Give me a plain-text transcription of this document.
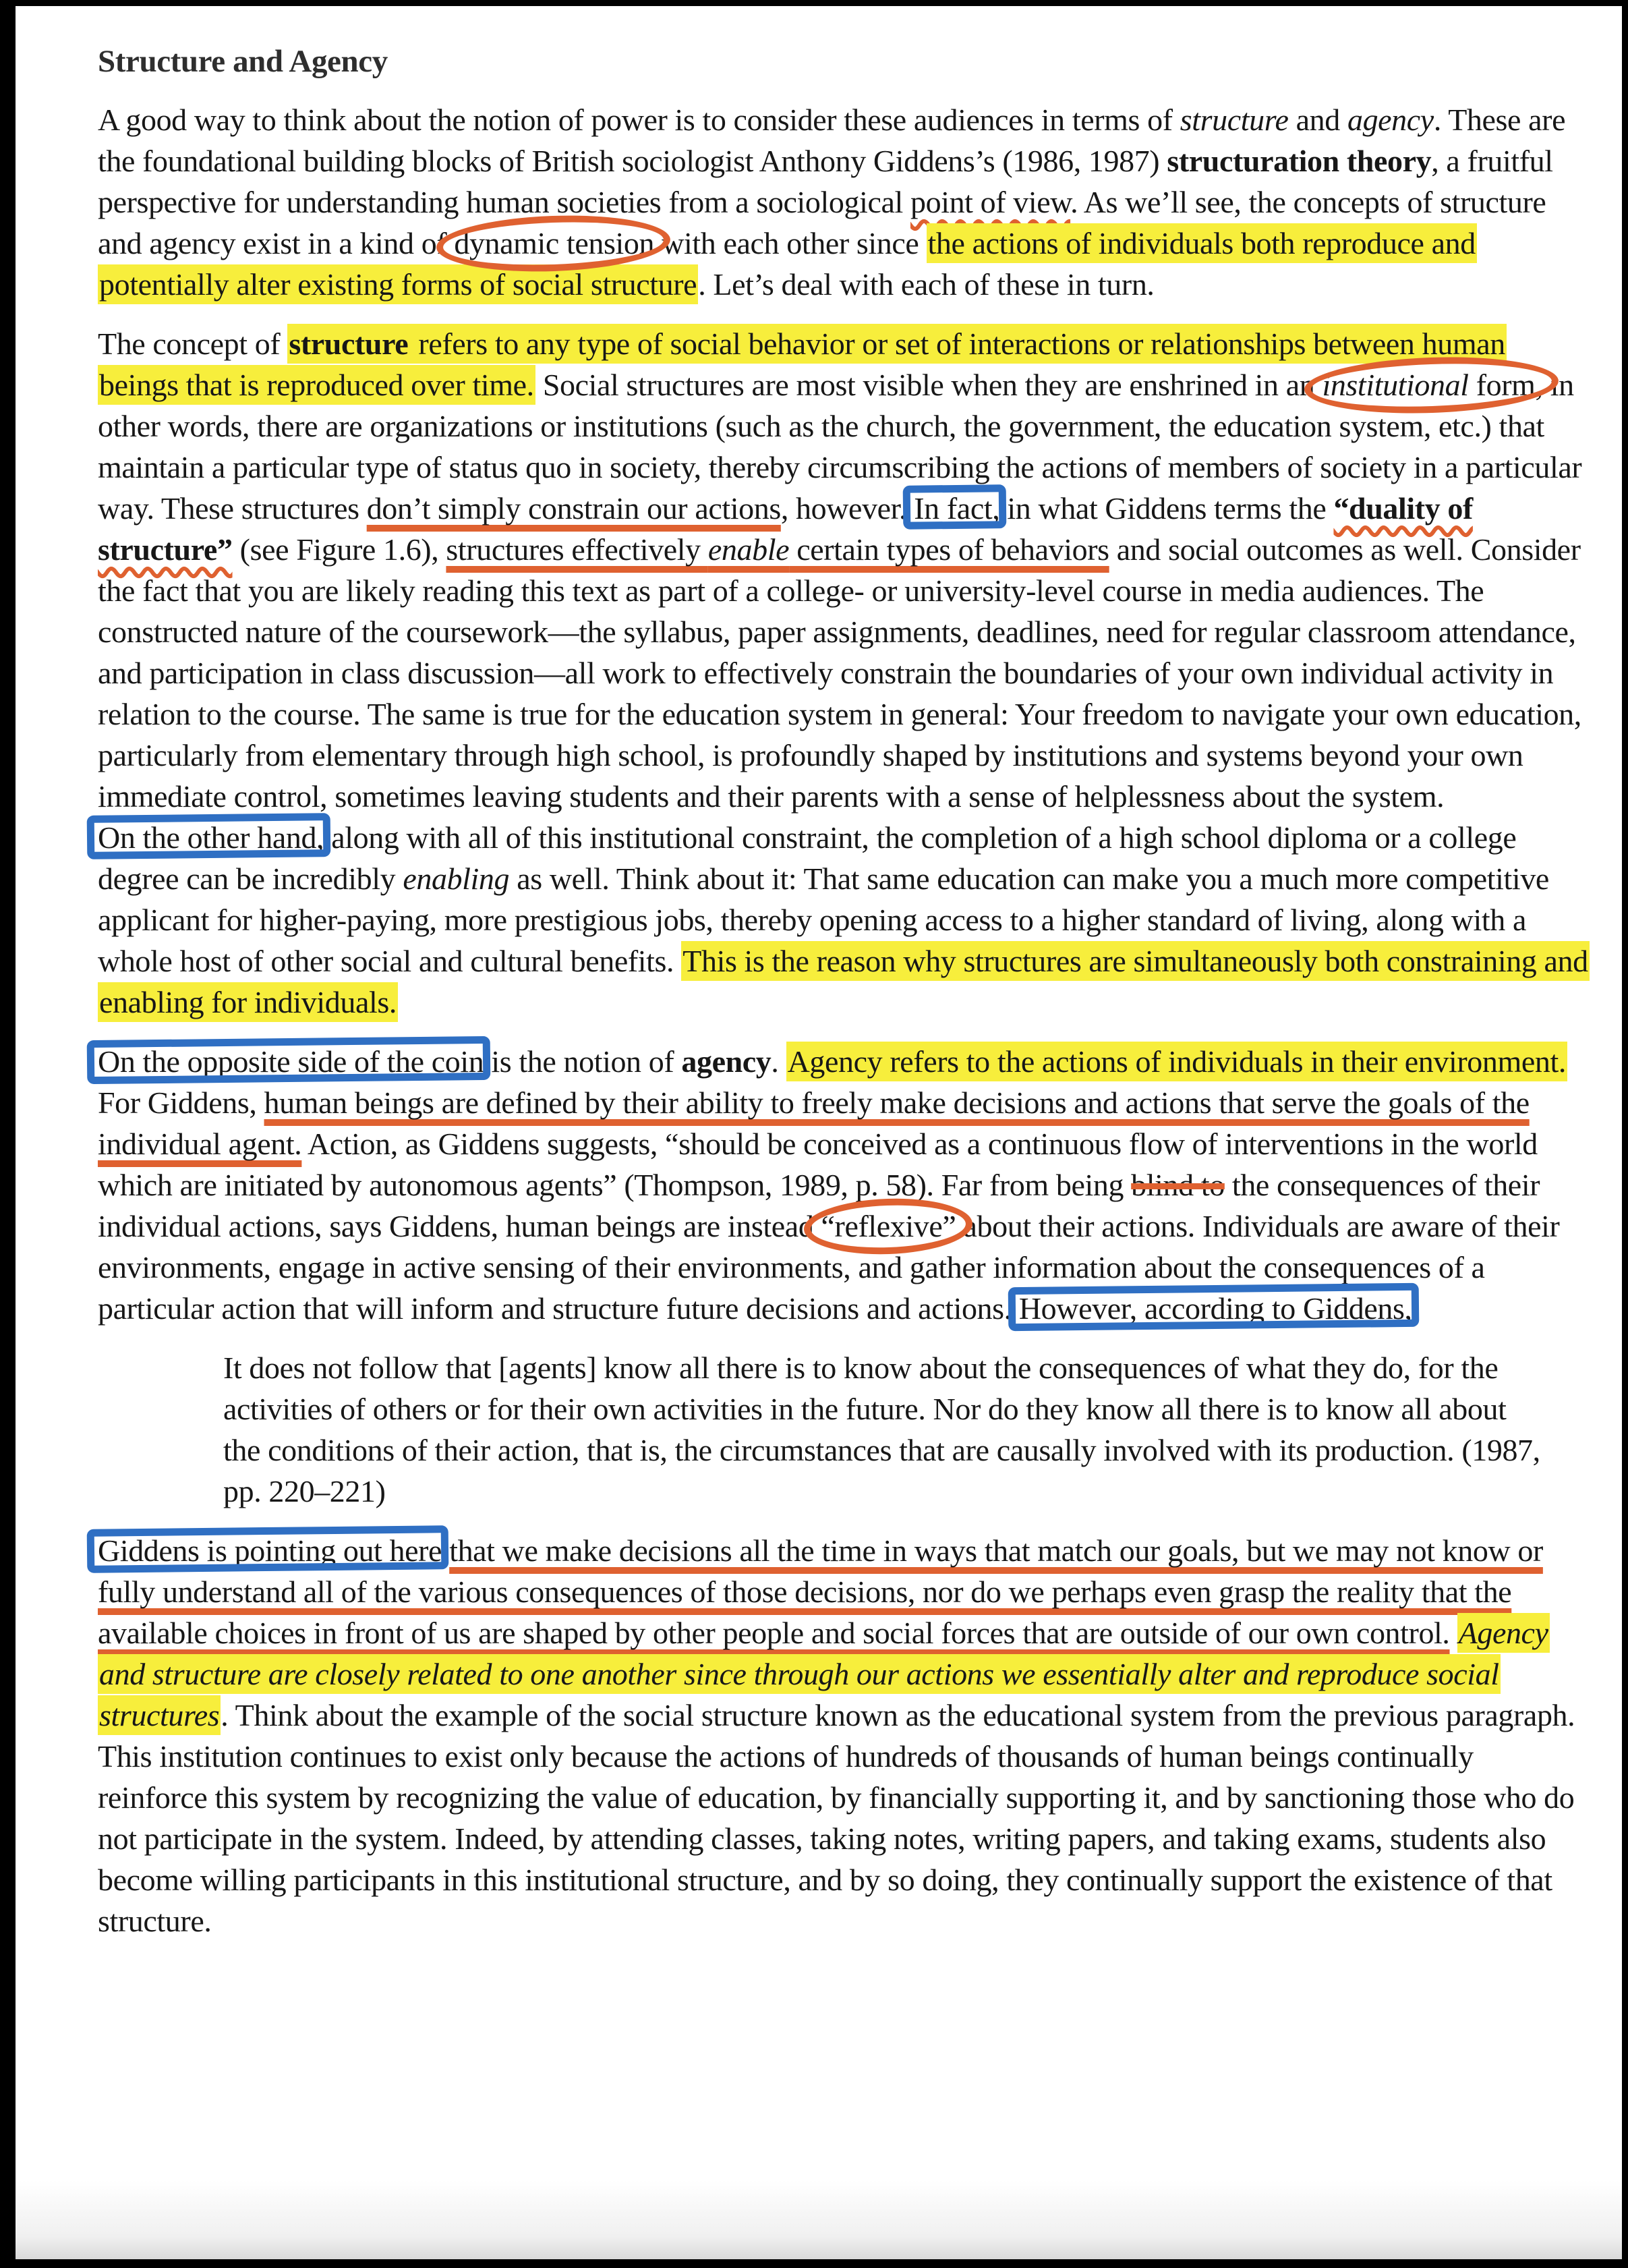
Structure and Agency

A good way to think about the notion of power is to consider these audiences in terms of structure and agency. These are the foundational building blocks of British sociologist Anthony Giddens’s (1986, 1987) structuration theory, a fruitful perspective for understanding human societies from a sociological point of view. As we’ll see, the concepts of structure and agency exist in a kind of dynamic tension with each other since the actions of individuals both reproduce and potentially alter existing forms of social structure. Let’s deal with each of these in turn.

The concept of structure refers to any type of social behavior or set of interactions or relationships between human beings that is reproduced over time. Social structures are most visible when they are enshrined in an institutional form, in other words, there are organizations or institutions (such as the church, the government, the education system, etc.) that maintain a particular type of status quo in society, thereby circumscribing the actions of members of society in a particular way. These structures don’t simply constrain our actions, however. In fact, in what Giddens terms the “duality of structure” (see Figure 1.6), structures effectively enable certain types of behaviors and social outcomes as well. Consider the fact that you are likely reading this text as part of a college- or university-level course in media audiences. The constructed nature of the coursework—the syllabus, paper assignments, deadlines, need for regular classroom attendance, and participation in class discussion—all work to effectively constrain the boundaries of your own individual activity in relation to the course. The same is true for the education system in general: Your freedom to navigate your own education, particularly from elementary through high school, is profoundly shaped by institutions and systems beyond your own immediate control, sometimes leaving students and their parents with a sense of helplessness about the system. On the other hand, along with all of this institutional constraint, the completion of a high school diploma or a college degree can be incredibly enabling as well. Think about it: That same education can make you a much more competitive applicant for higher-paying, more prestigious jobs, thereby opening access to a higher standard of living, along with a whole host of other social and cultural benefits. This is the reason why structures are simultaneously both constraining and enabling for individuals.

On the opposite side of the coin is the notion of agency. Agency refers to the actions of individuals in their environment. For Giddens, human beings are defined by their ability to freely make decisions and actions that serve the goals of the individual agent. Action, as Giddens suggests, “should be conceived as a continuous flow of interventions in the world which are initiated by autonomous agents” (Thompson, 1989, p. 58). Far from being blind to the consequences of their individual actions, says Giddens, human beings are instead “reflexive” about their actions. Individuals are aware of their environments, engage in active sensing of their environments, and gather information about the consequences of a particular action that will inform and structure future decisions and actions. However, according to Giddens,

It does not follow that [agents] know all there is to know about the consequences of what they do, for the activities of others or for their own activities in the future. Nor do they know all there is to know all about the conditions of their action, that is, the circumstances that are causally involved with its production. (1987, pp. 220–221)

Giddens is pointing out here that we make decisions all the time in ways that match our goals, but we may not know or fully understand all of the various consequences of those decisions, nor do we perhaps even grasp the reality that the available choices in front of us are shaped by other people and social forces that are outside of our own control. Agency and structure are closely related to one another since through our actions we essentially alter and reproduce social structures. Think about the example of the social structure known as the educational system from the previous paragraph. This institution continues to exist only because the actions of hundreds of thousands of human beings continually reinforce this system by recognizing the value of education, by financially supporting it, and by sanctioning those who do not participate in the system. Indeed, by attending classes, taking notes, writing papers, and taking exams, students also become willing participants in this institutional structure, and by so doing, they continually support the existence of that structure.
